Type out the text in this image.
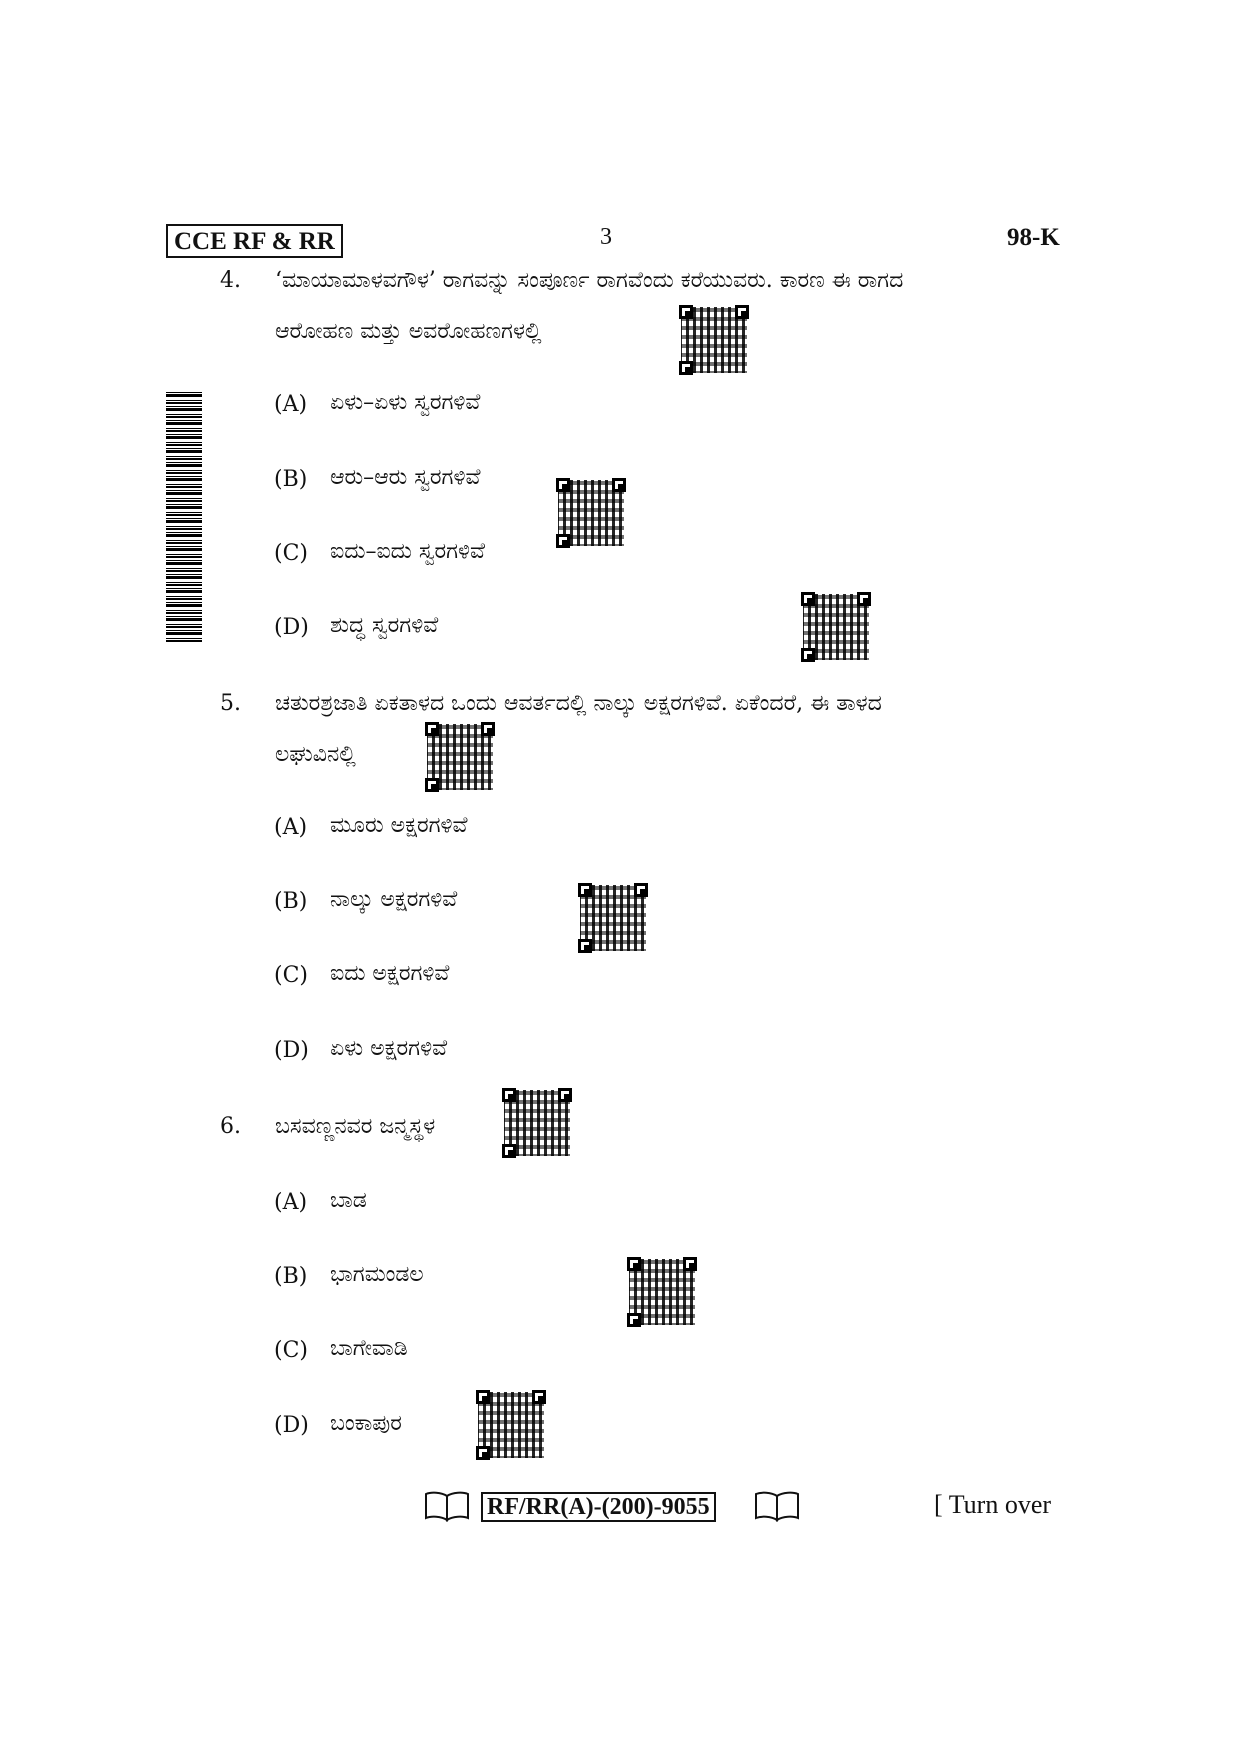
CCE RF & RR	3	98-K
4. ‘ಮಾಯಾಮಾಳವಗೌಳ’ ರಾಗವನ್ನು ಸಂಪೂರ್ಣ ರಾಗವೆಂದು ಕರೆಯುವರು. ಕಾರಣ ಈ ರಾಗದ
ಆರೋಹಣ ಮತ್ತು ಅವರೋಹಣಗಳಲ್ಲಿ
(A) ಏಳು–ಏಳು ಸ್ವರಗಳಿವೆ
(B) ಆರು–ಆರು ಸ್ವರಗಳಿವೆ
(C) ಐದು–ಐದು ಸ್ವರಗಳಿವೆ
(D) ಶುದ್ಧ ಸ್ವರಗಳಿವೆ
5. ಚತುರಶ್ರಜಾತಿ ಏಕತಾಳದ ಒಂದು ಆವರ್ತದಲ್ಲಿ ನಾಲ್ಕು ಅಕ್ಷರಗಳಿವೆ. ಏಕೆಂದರೆ, ಈ ತಾಳದ
ಲಘುವಿನಲ್ಲಿ
(A) ಮೂರು ಅಕ್ಷರಗಳಿವೆ
(B) ನಾಲ್ಕು ಅಕ್ಷರಗಳಿವೆ
(C) ಐದು ಅಕ್ಷರಗಳಿವೆ
(D) ಏಳು ಅಕ್ಷರಗಳಿವೆ
6. ಬಸವಣ್ಣನವರ ಜನ್ಮಸ್ಥಳ
(A) ಬಾಡ
(B) ಭಾಗಮಂಡಲ
(C) ಬಾಗೇವಾಡಿ
(D) ಬಂಕಾಪುರ
RF/RR(A)-(200)-9055	[ Turn over
